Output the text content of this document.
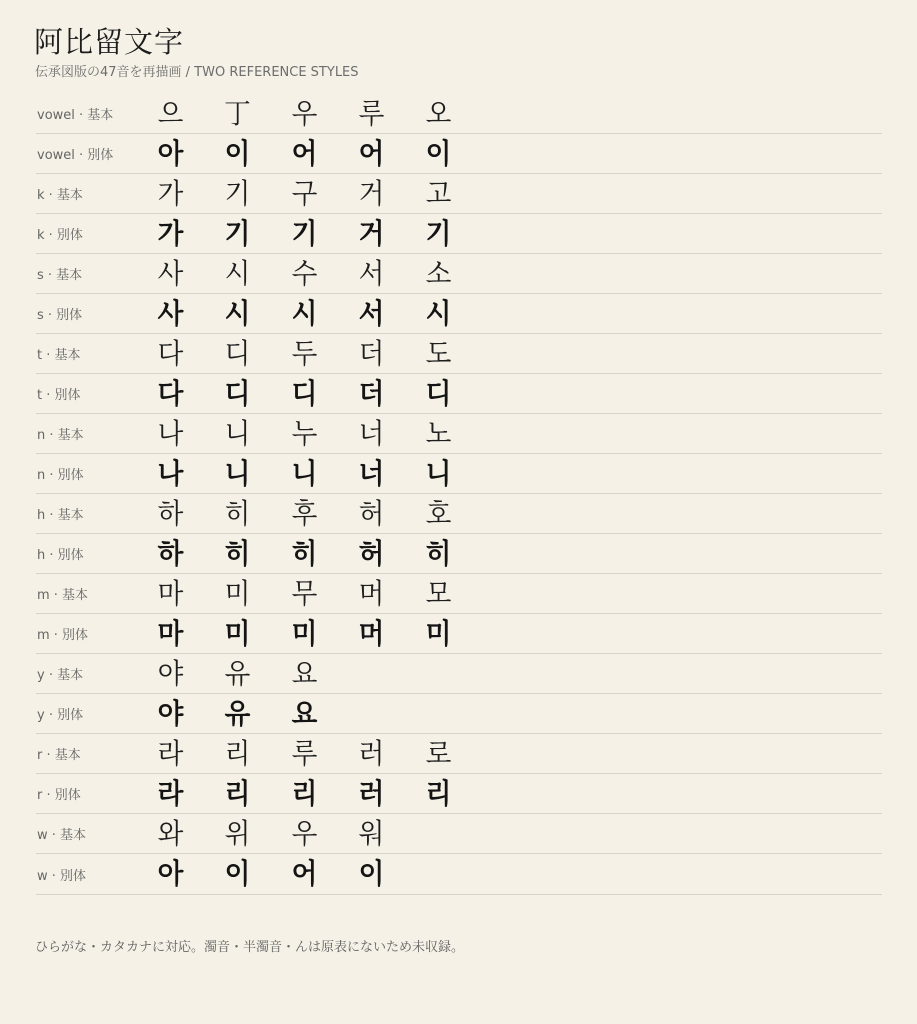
阿比留文字
伝承図版の47音を再描画 / TWO REFERENCE STYLES
vowel · 基本	으	丁	우	루	오
vowel · 別体	아	이	어	어	이
k · 基本	가	기	구	거	고
k · 別体	가	기	기	거	기
s · 基本	사	시	수	서	소
s · 別体	사	시	시	서	시
t · 基本	다	디	두	더	도
t · 別体	다	디	디	더	디
n · 基本	나	니	누	너	노
n · 別体	나	니	니	너	니
h · 基本	하	히	후	허	호
h · 別体	하	히	히	허	히
m · 基本	마	미	무	머	모
m · 別体	마	미	미	머	미
y · 基本	야	유	요
y · 別体	야	유	요
r · 基本	라	리	루	러	로
r · 別体	라	리	리	러	리
w · 基本	와	위	우	워
w · 別体	아	이	어	이
ひらがな・カタカナに対応。濁音・半濁音・んは原表にないため未収録。
